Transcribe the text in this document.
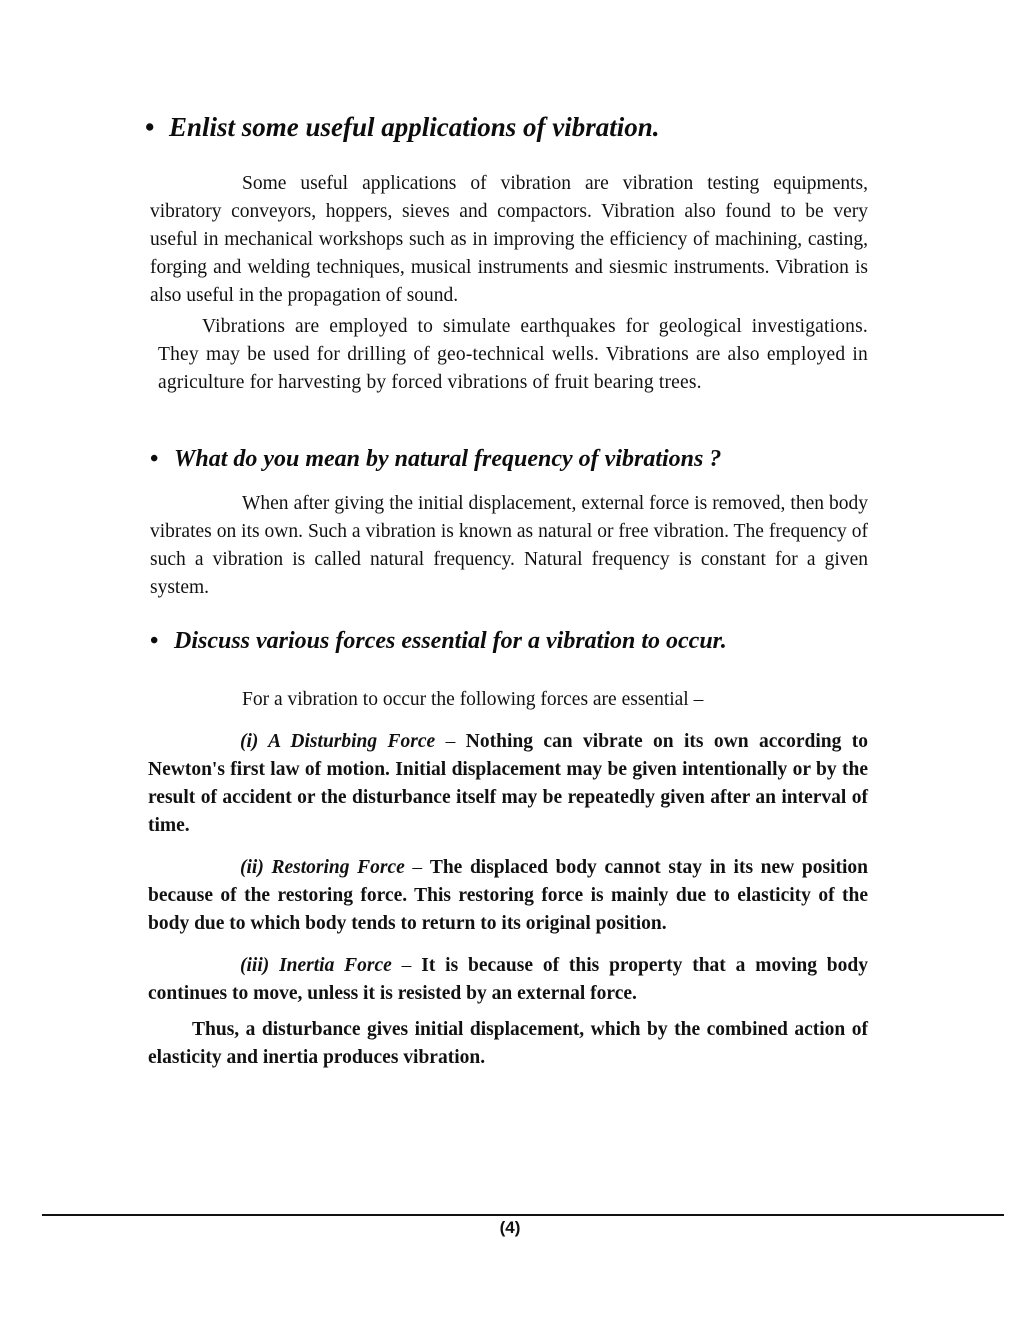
• Enlist some useful applications of vibration.

Some useful applications of vibration are vibration testing equipments, vibratory conveyors, hoppers, sieves and compactors. Vibration also found to be very useful in mechanical workshops such as in improving the efficiency of machining, casting, forging and welding techniques, musical instruments and siesmic instruments. Vibration is also useful in the propagation of sound.

Vibrations are employed to simulate earthquakes for geological investigations. They may be used for drilling of geo-technical wells. Vibrations are also employed in agriculture for harvesting by forced vibrations of fruit bearing trees.

• What do you mean by natural frequency of vibrations ?

When after giving the initial displacement, external force is removed, then body vibrates on its own. Such a vibration is known as natural or free vibration. The frequency of such a vibration is called natural frequency. Natural frequency is constant for a given system.

• Discuss various forces essential for a vibration to occur.

For a vibration to occur the following forces are essential –

(i) A Disturbing Force – Nothing can vibrate on its own according to Newton's first law of motion. Initial displacement may be given intentionally or by the result of accident or the disturbance itself may be repeatedly given after an interval of time.

(ii) Restoring Force – The displaced body cannot stay in its new position because of the restoring force. This restoring force is mainly due to elasticity of the body due to which body tends to return to its original position.

(iii) Inertia Force – It is because of this property that a moving body continues to move, unless it is resisted by an external force.

Thus, a disturbance gives initial displacement, which by the combined action of elasticity and inertia produces vibration.

(4)
